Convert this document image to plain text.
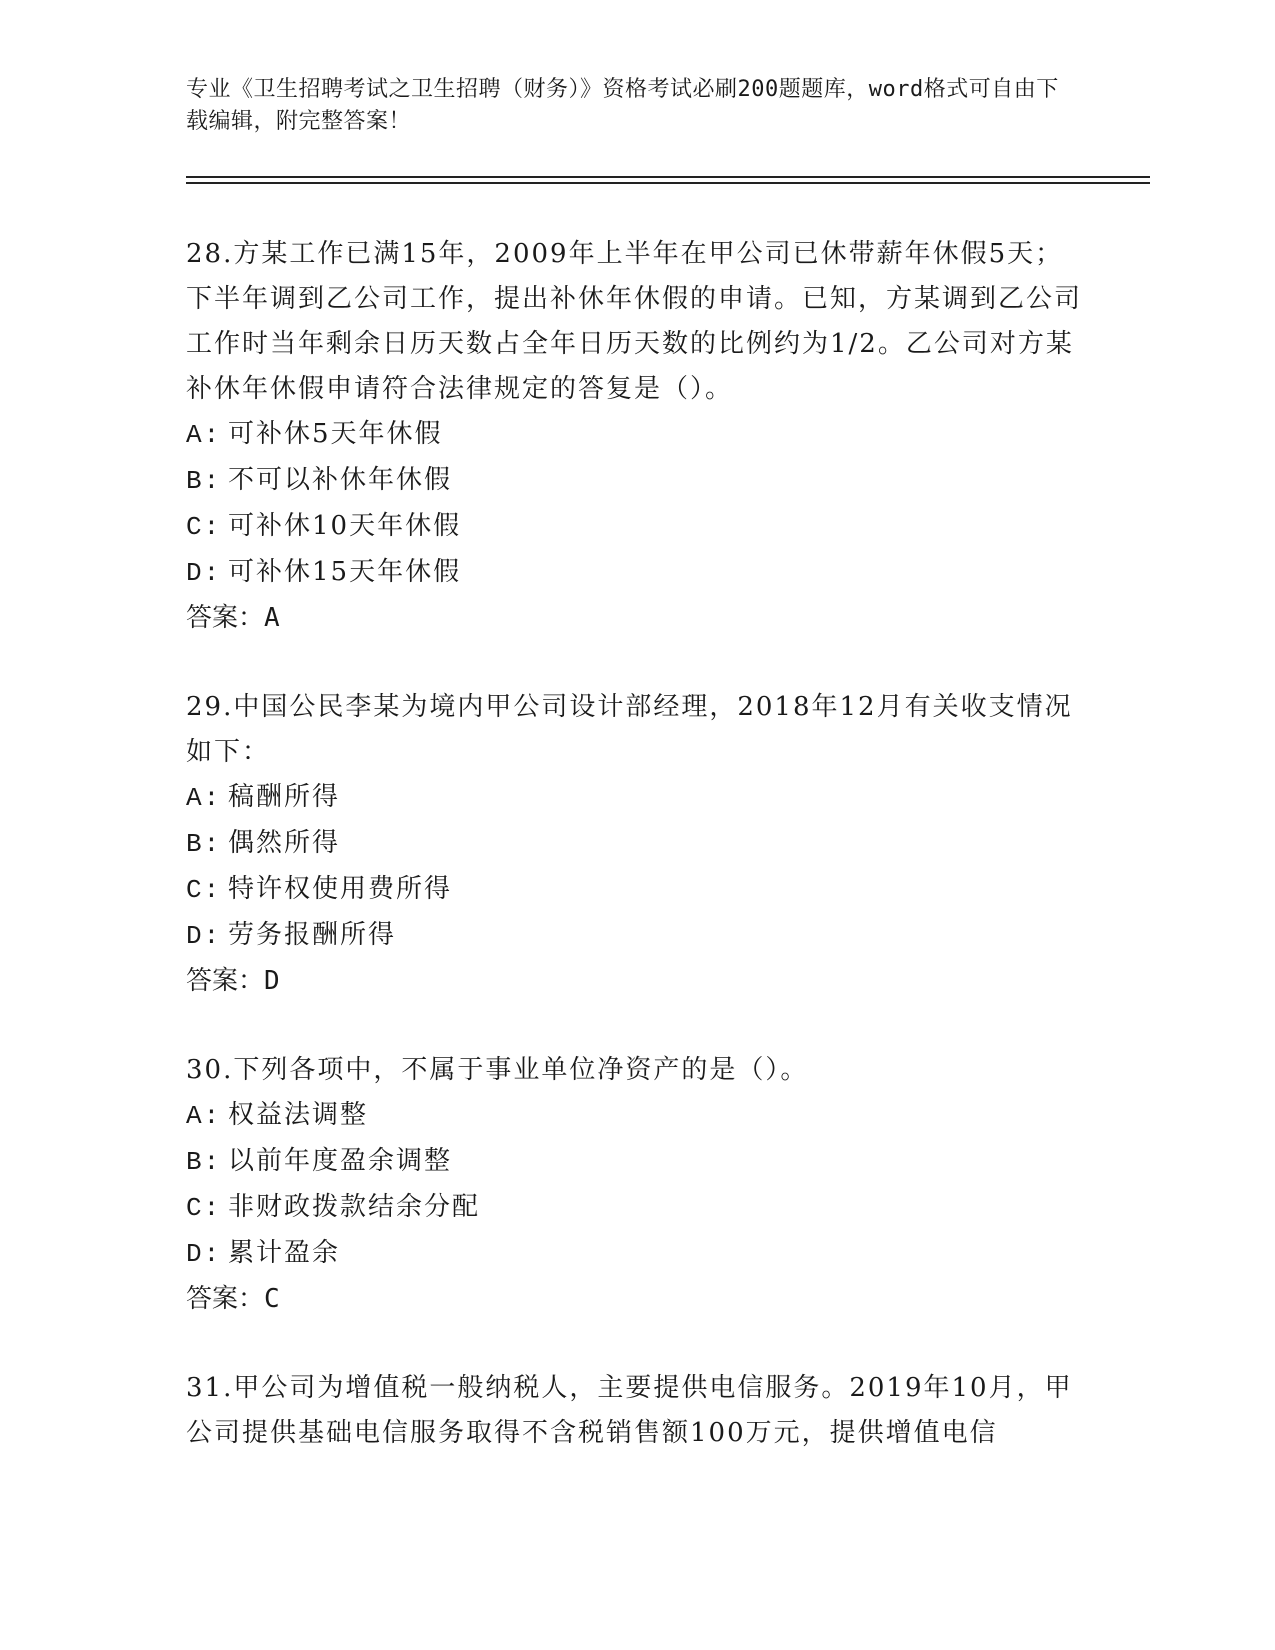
专业《卫生招聘考试之卫生招聘（财务）》资格考试必刷200题题库，word格式可自由下载编辑，附完整答案！

28.方某工作已满15年，2009年上半年在甲公司已休带薪年休假5天；下半年调到乙公司工作，提出补休年休假的申请。已知，方某调到乙公司工作时当年剩余日历天数占全年日历天数的比例约为1/2。乙公司对方某补休年休假申请符合法律规定的答复是（）。

A: 可补休5天年休假

B: 不可以补休年休假

C: 可补休10天年休假

D: 可补休15天年休假

答案：A

29.中国公民李某为境内甲公司设计部经理，2018年12月有关收支情况如下：

A: 稿酬所得

B: 偶然所得

C: 特许权使用费所得

D: 劳务报酬所得

答案：D

30.下列各项中，不属于事业单位净资产的是（）。

A: 权益法调整

B: 以前年度盈余调整

C: 非财政拨款结余分配

D: 累计盈余

答案：C

31.甲公司为增值税一般纳税人，主要提供电信服务。2019年10月，甲公司提供基础电信服务取得不含税销售额100万元，提供增值电信
